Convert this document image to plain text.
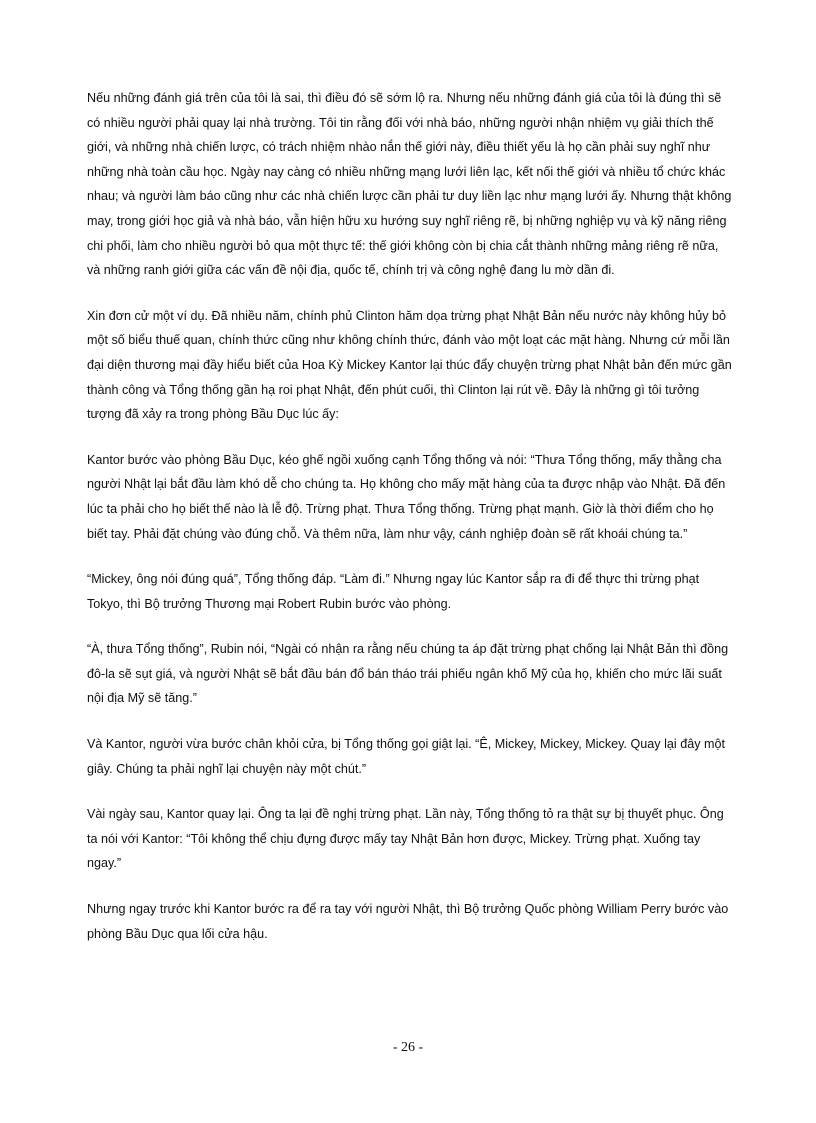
Nếu những đánh giá trên của tôi là sai, thì điều đó sẽ sớm lộ ra. Nhưng nếu những đánh giá của tôi là đúng thì sẽ có nhiều người phải quay lại nhà trường. Tôi tin rằng đối với nhà báo, những người nhận nhiệm vụ giải thích thế giới, và những nhà chiến lược, có trách nhiệm nhào nắn thế giới này, điều thiết yếu là họ cần phải suy nghĩ như những nhà toàn cầu học. Ngày nay càng có nhiều những mạng lưới liên lạc, kết nối thế giới và nhiều tổ chức khác nhau; và người làm báo cũng như các nhà chiến lược cần phải tư duy liền lạc như mạng lưới ấy. Nhưng thật không may, trong giới học giả và nhà báo, vẫn hiện hữu xu hướng suy nghĩ riêng rẽ, bị những nghiệp vụ và kỹ năng riêng chi phối, làm cho nhiều người bỏ qua một thực tế: thế giới không còn bị chia cắt thành những mảng riêng rẽ nữa, và những ranh giới giữa các vấn đề nội địa, quốc tế, chính trị và công nghệ đang lu mờ dần đi.

Xin đơn cử một ví dụ. Đã nhiều năm, chính phủ Clinton hăm dọa trừng phạt Nhật Bản nếu nước này không hủy bỏ một số biểu thuế quan, chính thức cũng như không chính thức, đánh vào một loạt các mặt hàng. Nhưng cứ mỗi lần đại diện thương mại đầy hiểu biết của Hoa Kỳ Mickey Kantor lại thúc đẩy chuyện trừng phạt Nhật bản đến mức gần thành công và Tổng thống gần hạ roi phạt Nhật, đến phút cuối, thì Clinton lại rút về. Đây là những gì tôi tưởng tượng đã xảy ra trong phòng Bầu Dục lúc ấy:

Kantor bước vào phòng Bầu Dục, kéo ghế ngồi xuống cạnh Tổng thống và nói: “Thưa Tổng thống, mấy thằng cha người Nhật lại bắt đầu làm khó dễ cho chúng ta. Họ không cho mấy mặt hàng của ta được nhập vào Nhật. Đã đến lúc ta phải cho họ biết thế nào là lễ độ. Trừng phạt. Thưa Tổng thống. Trừng phạt mạnh. Giờ là thời điểm cho họ biết tay. Phải đặt chúng vào đúng chỗ. Và thêm nữa, làm như vậy, cánh nghiệp đoàn sẽ rất khoái chúng ta.”

“Mickey, ông nói đúng quá”, Tổng thống đáp. “Làm đi.” Nhưng ngay lúc Kantor sắp ra đi để thực thi trừng phạt Tokyo, thì Bộ trưởng Thương mại Robert Rubin bước vào phòng.

“À, thưa Tổng thống”, Rubin nói, “Ngài có nhận ra rằng nếu chúng ta áp đặt trừng phạt chống lại Nhật Bản thì đồng đô-la sẽ sụt giá, và người Nhật sẽ bắt đầu bán đổ bán tháo trái phiếu ngân khố Mỹ của họ, khiến cho mức lãi suất nội địa Mỹ sẽ tăng.”

Và Kantor, người vừa bước chân khỏi cửa, bị Tổng thống gọi giật lại. “Ê, Mickey, Mickey, Mickey. Quay lại đây một giây. Chúng ta phải nghĩ lại chuyện này một chút.”

Vài ngày sau, Kantor quay lại. Ông ta lại đề nghị trừng phạt. Lần này, Tổng thống tỏ ra thật sự bị thuyết phục. Ông ta nói với Kantor: “Tôi không thể chịu đựng được mấy tay Nhật Bản hơn được, Mickey. Trừng phạt. Xuống tay ngay.”

Nhưng ngay trước khi Kantor bước ra để ra tay với người Nhật, thì Bộ trưởng Quốc phòng William Perry bước vào phòng Bầu Dục qua lối cửa hậu.

- 26 -
